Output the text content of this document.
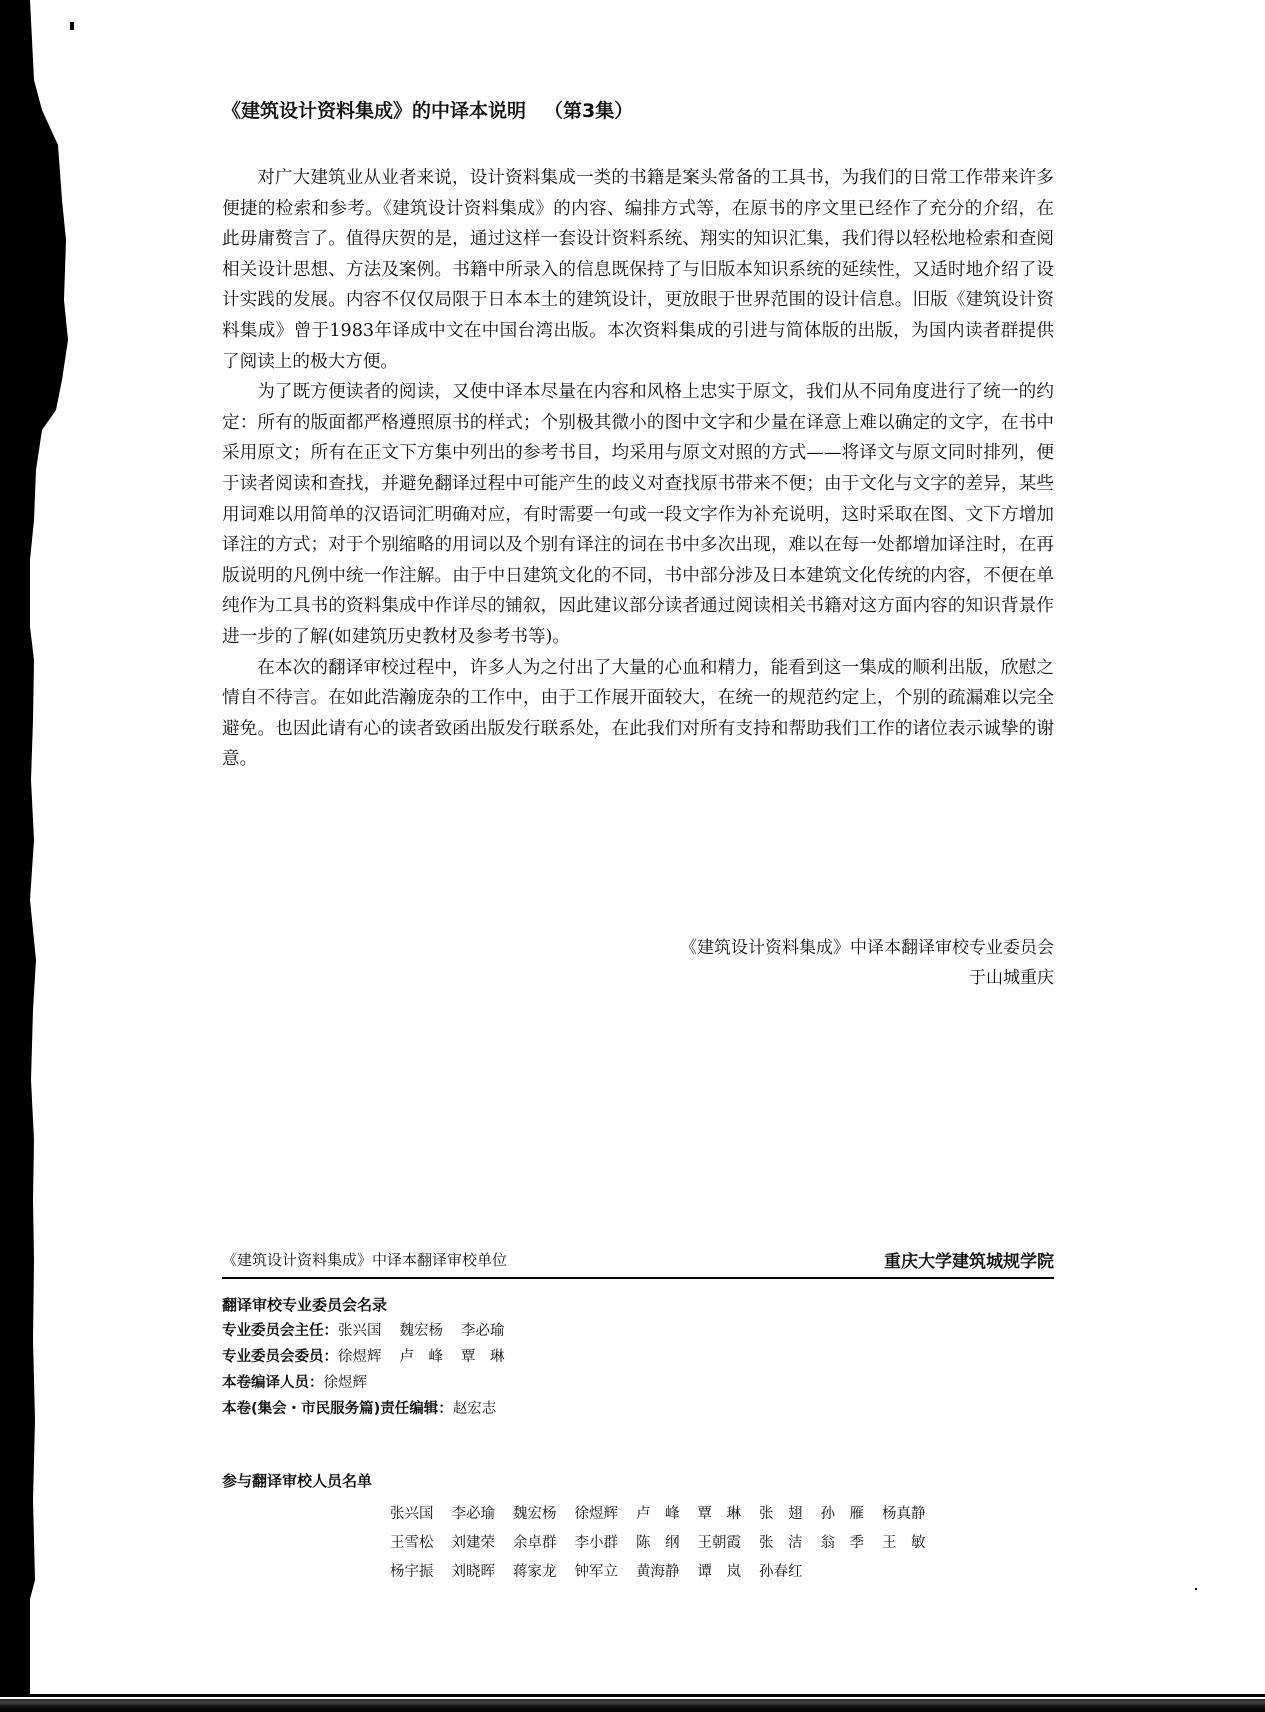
《建筑设计资料集成》的中译本说明 （第3集）

对广大建筑业从业者来说，设计资料集成一类的书籍是案头常备的工具书，为我们的日常工作带来许多便捷的检索和参考。《建筑设计资料集成》的内容、编排方式等，在原书的序文里已经作了充分的介绍，在此毋庸赘言了。值得庆贺的是，通过这样一套设计资料系统、翔实的知识汇集，我们得以轻松地检索和查阅相关设计思想、方法及案例。书籍中所录入的信息既保持了与旧版本知识系统的延续性，又适时地介绍了设计实践的发展。内容不仅仅局限于日本本土的建筑设计，更放眼于世界范围的设计信息。旧版《建筑设计资料集成》曾于1983年译成中文在中国台湾出版。本次资料集成的引进与简体版的出版，为国内读者群提供了阅读上的极大方便。

为了既方便读者的阅读，又使中译本尽量在内容和风格上忠实于原文，我们从不同角度进行了统一的约定：所有的版面都严格遵照原书的样式；个别极其微小的图中文字和少量在译意上难以确定的文字，在书中采用原文；所有在正文下方集中列出的参考书目，均采用与原文对照的方式——将译文与原文同时排列，便于读者阅读和查找，并避免翻译过程中可能产生的歧义对查找原书带来不便；由于文化与文字的差异，某些用词难以用简单的汉语词汇明确对应，有时需要一句或一段文字作为补充说明，这时采取在图、文下方增加译注的方式；对于个别缩略的用词以及个别有译注的词在书中多次出现，难以在每一处都增加译注时，在再版说明的凡例中统一作注解。由于中日建筑文化的不同，书中部分涉及日本建筑文化传统的内容，不便在单纯作为工具书的资料集成中作详尽的铺叙，因此建议部分读者通过阅读相关书籍对这方面内容的知识背景作进一步的了解(如建筑历史教材及参考书等)。

在本次的翻译审校过程中，许多人为之付出了大量的心血和精力，能看到这一集成的顺利出版，欣慰之情自不待言。在如此浩瀚庞杂的工作中，由于工作展开面较大，在统一的规范约定上，个别的疏漏难以完全避免。也因此请有心的读者致函出版发行联系处，在此我们对所有支持和帮助我们工作的诸位表示诚挚的谢意。

《建筑设计资料集成》中译本翻译审校专业委员会
于山城重庆
《建筑设计资料集成》中译本翻译审校单位	重庆大学建筑城规学院
翻译审校专业委员会名录
专业委员会主任：张兴国 魏宏杨 李必瑜
专业委员会委员：徐煜辉 卢　峰 覃　琳
本卷编译人员：徐煜辉
本卷(集会・市民服务篇)责任编辑：赵宏志
参与翻译审校人员名单
张兴国 李必瑜 魏宏杨 徐煜辉 卢　峰 覃　琳 张　翅 孙　雁 杨真静
王雪松 刘建荣 余卓群 李小群 陈　纲 王朝霞 张　洁 翁　季 王　敏
杨宇振 刘晓晖 蒋家龙 钟军立 黄海静 谭　岚 孙春红
